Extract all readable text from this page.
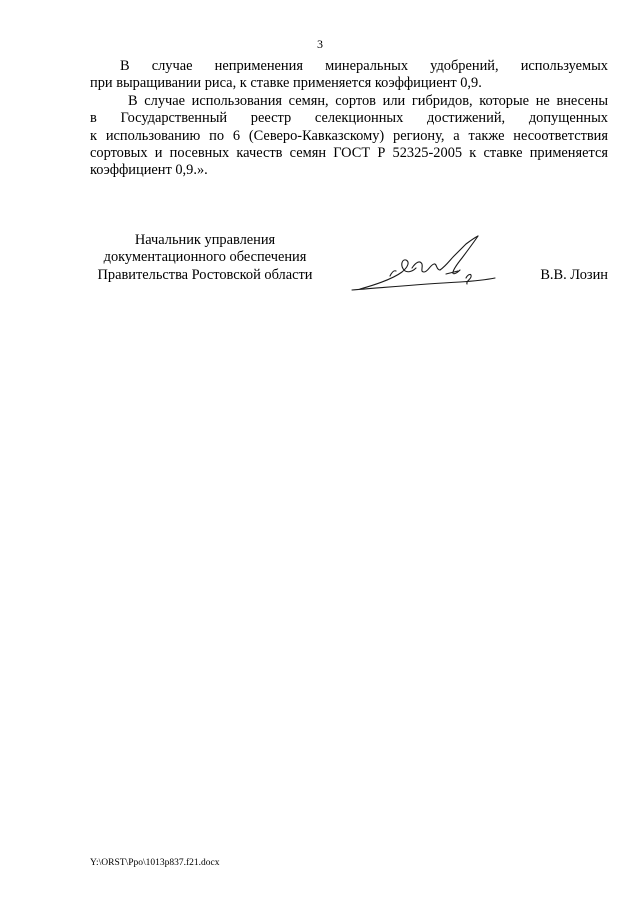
3

В случае неприменения минеральных удобрений, используемых
при выращивании риса, к ставке применяется коэффициент 0,9.

В случае использования семян, сортов или гибридов, которые не внесены
в Государственный реестр селекционных достижений, допущенных
к использованию по 6 (Северо-Кавказскому) региону, а также несоответствия
сортовых и посевных качеств семян ГОСТ Р 52325-2005 к ставке применяется
коэффициент 0,9.».

Начальник управления
документационного обеспечения
Правительства Ростовской области	В.В. Лозин
Y:\ORST\Ppo\1013p837.f21.docx
